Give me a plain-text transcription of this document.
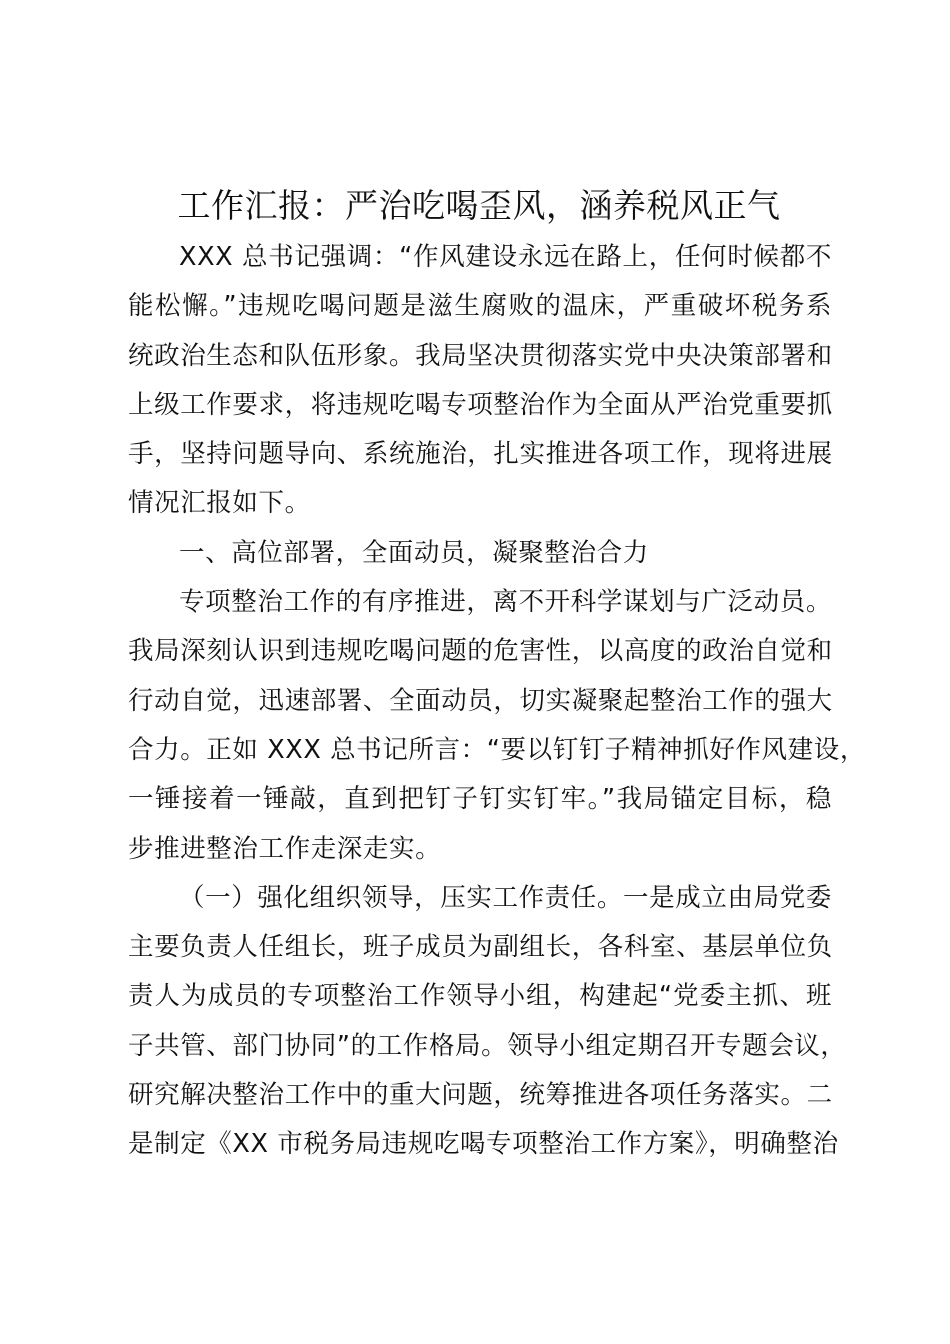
工作汇报：严治吃喝歪风，涵养税风正气
XXX 总书记强调：“作风建设永远在路上，任何时候都不
能松懈。”违规吃喝问题是滋生腐败的温床，严重破坏税务系
统政治生态和队伍形象。我局坚决贯彻落实党中央决策部署和
上级工作要求，将违规吃喝专项整治作为全面从严治党重要抓
手，坚持问题导向、系统施治，扎实推进各项工作，现将进展
情况汇报如下。
一、高位部署，全面动员，凝聚整治合力
专项整治工作的有序推进，离不开科学谋划与广泛动员。
我局深刻认识到违规吃喝问题的危害性，以高度的政治自觉和
行动自觉，迅速部署、全面动员，切实凝聚起整治工作的强大
合力。正如 XXX 总书记所言：“要以钉钉子精神抓好作风建设，
一锤接着一锤敲，直到把钉子钉实钉牢。”我局锚定目标，稳
步推进整治工作走深走实。
（一）强化组织领导，压实工作责任。一是成立由局党委
主要负责人任组长，班子成员为副组长，各科室、基层单位负
责人为成员的专项整治工作领导小组，构建起“党委主抓、班
子共管、部门协同”的工作格局。领导小组定期召开专题会议，
研究解决整治工作中的重大问题，统筹推进各项任务落实。二
是制定《XX 市税务局违规吃喝专项整治工作方案》，明确整治
